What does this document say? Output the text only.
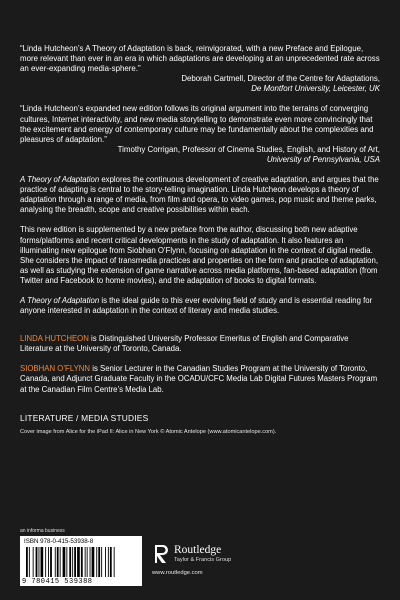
“Linda Hutcheon’s A Theory of Adaptation is back, reinvigorated, with a new Preface and Epilogue, more relevant than ever in an era in which adaptations are developing at an unprecedented rate across an ever-expanding media-sphere.”

Deborah Cartmell, Director of the Centre for Adaptations,
De Montfort University, Leicester, UK

“Linda Hutcheon’s expanded new edition follows its original argument into the terrains of converging cultures, Internet interactivity, and new media storytelling to demonstrate even more convincingly that the excitement and energy of contemporary culture may be fundamentally about the complexities and pleasures of adaptation.”

Timothy Corrigan, Professor of Cinema Studies, English, and History of Art,
University of Pennsylvania, USA

A Theory of Adaptation explores the continuous development of creative adaptation, and argues that the practice of adapting is central to the story-telling imagination. Linda Hutcheon develops a theory of adaptation through a range of media, from film and opera, to video games, pop music and theme parks, analysing the breadth, scope and creative possibilities within each.

This new edition is supplemented by a new preface from the author, discussing both new adaptive forms/platforms and recent critical developments in the study of adaptation. It also features an illuminating new epilogue from Siobhan O’Flynn, focusing on adaptation in the context of digital media. She considers the impact of transmedia practices and properties on the form and practice of adaptation, as well as studying the extension of game narrative across media platforms, fan-based adaptation (from Twitter and Facebook to home movies), and the adaptation of books to digital formats.

A Theory of Adaptation is the ideal guide to this ever evolving field of study and is essential reading for anyone interested in adaptation in the context of literary and media studies.

LINDA HUTCHEON is Distinguished University Professor Emeritus of English and Comparative Literature at the University of Toronto, Canada.

SIOBHAN O’FLYNN is Senior Lecturer in the Canadian Studies Program at the University of Toronto, Canada, and Adjunct Graduate Faculty in the OCADU/CFC Media Lab Digital Futures Masters Program at the Canadian Film Centre’s Media Lab.

LITERATURE / MEDIA STUDIES

Cover image from Alice for the iPad II: Alice in New York © Atomic Antelope (www.atomicantelope.com).

an informa business
ISBN 978-0-415-53938-8
9 780415 539388
Routledge
Taylor & Francis Group
www.routledge.com
